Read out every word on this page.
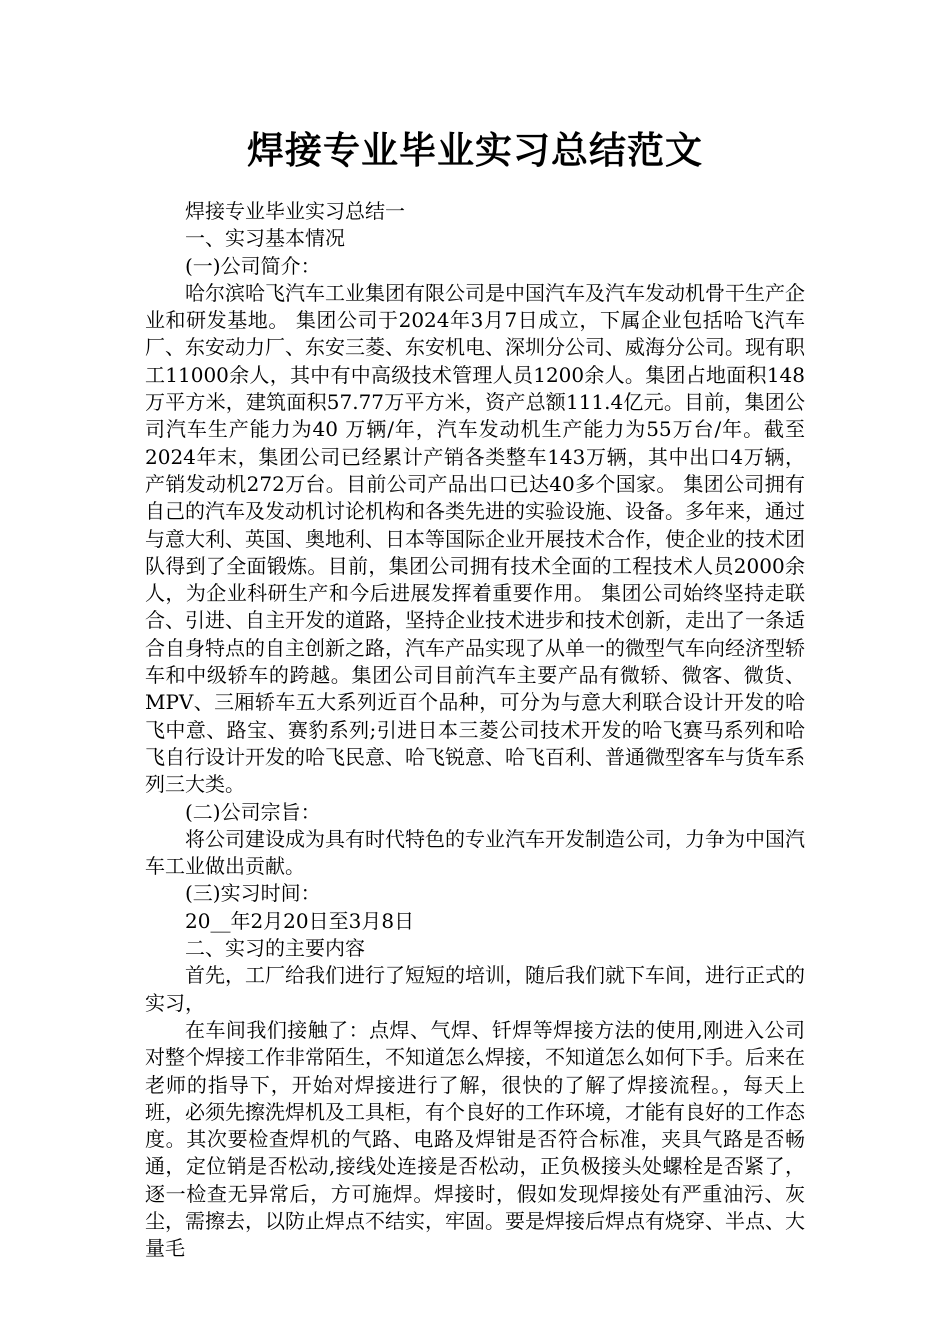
焊接专业毕业实习总结范文

焊接专业毕业实习总结一

一、实习基本情况

(一)公司简介：

哈尔滨哈飞汽车工业集团有限公司是中国汽车及汽车发动机骨干生产企业和研发基地。 集团公司于2024年3月7日成立，下属企业包括哈飞汽车厂、东安动力厂、东安三菱、东安机电、深圳分公司、威海分公司。现有职工11000余人，其中有中高级技术管理人员1200余人。集团占地面积148万平方米，建筑面积57.77万平方米，资产总额111.4亿元。目前，集团公司汽车生产能力为40 万辆/年，汽车发动机生产能力为55万台/年。截至2024年末，集团公司已经累计产销各类整车143万辆，其中出口4万辆，产销发动机272万台。目前公司产品出口已达40多个国家。 集团公司拥有自己的汽车及发动机讨论机构和各类先进的实验设施、设备。多年来，通过与意大利、英国、奥地利、日本等国际企业开展技术合作，使企业的技术团队得到了全面锻炼。目前，集团公司拥有技术全面的工程技术人员2000余人，为企业科研生产和今后进展发挥着重要作用。 集团公司始终坚持走联合、引进、自主开发的道路，坚持企业技术进步和技术创新，走出了一条适合自身特点的自主创新之路，汽车产品实现了从单一的微型气车向经济型轿车和中级轿车的跨越。集团公司目前汽车主要产品有微轿、微客、微货、MPV、三厢轿车五大系列近百个品种，可分为与意大利联合设计开发的哈飞中意、路宝、赛豹系列;引进日本三菱公司技术开发的哈飞赛马系列和哈飞自行设计开发的哈飞民意、哈飞锐意、哈飞百利、普通微型客车与货车系列三大类。

(二)公司宗旨：

将公司建设成为具有时代特色的专业汽车开发制造公司，力争为中国汽车工业做出贡献。

(三)实习时间：

20__年2月20日至3月8日

二、实习的主要内容

首先，工厂给我们进行了短短的培训，随后我们就下车间，进行正式的实习，

在车间我们接触了：点焊、气焊、钎焊等焊接方法的使用,刚进入公司对整个焊接工作非常陌生，不知道怎么焊接，不知道怎么如何下手。后来在老师的指导下，开始对焊接进行了解，很快的了解了焊接流程。，每天上班，必须先擦洗焊机及工具柜，有个良好的工作环境，才能有良好的工作态度。其次要检查焊机的气路、电路及焊钳是否符合标准，夹具气路是否畅通，定位销是否松动,接线处连接是否松动，正负极接头处螺栓是否紧了，逐一检查无异常后，方可施焊。焊接时，假如发现焊接处有严重油污、灰尘，需擦去，以防止焊点不结实，牢固。要是焊接后焊点有烧穿、半点、大量毛
